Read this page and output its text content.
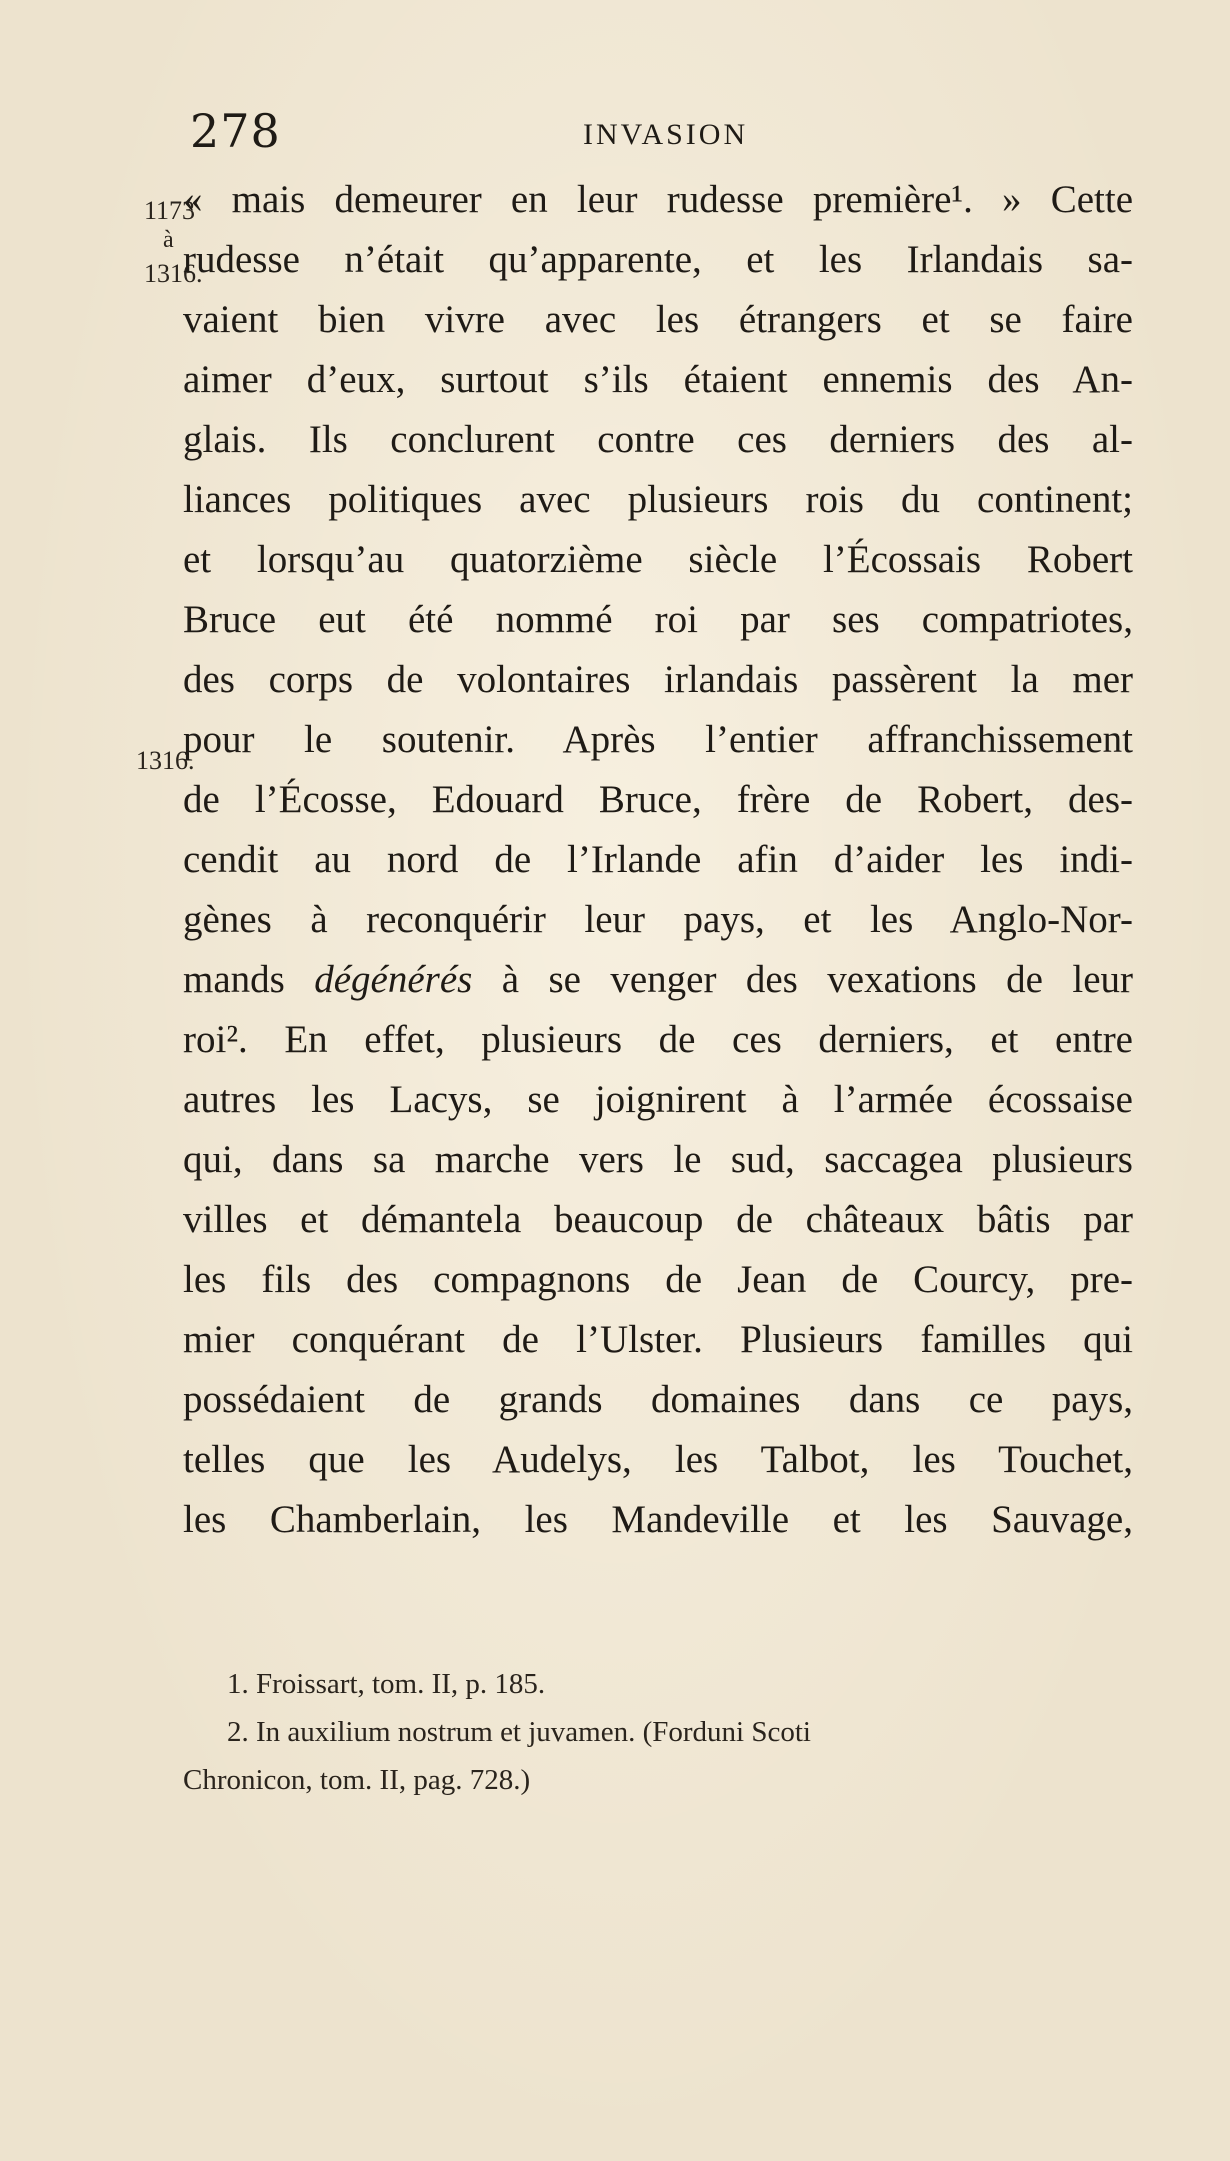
278	INVASION
1173
à
1316.
1316.
« mais demeurer en leur rudesse première¹. » Cette
rudesse n’était qu’apparente, et les Irlandais sa-
vaient bien vivre avec les étrangers et se faire
aimer d’eux, surtout s’ils étaient ennemis des An-
glais. Ils conclurent contre ces derniers des al-
liances politiques avec plusieurs rois du continent;
et lorsqu’au quatorzième siècle l’Écossais Robert
Bruce eut été nommé roi par ses compatriotes,
des corps de volontaires irlandais passèrent la mer
pour le soutenir. Après l’entier affranchissement
de l’Écosse, Edouard Bruce, frère de Robert, des-
cendit au nord de l’Irlande afin d’aider les indi-
gènes à reconquérir leur pays, et les Anglo-Nor-
mands dégénérés à se venger des vexations de leur
roi². En effet, plusieurs de ces derniers, et entre
autres les Lacys, se joignirent à l’armée écossaise
qui, dans sa marche vers le sud, saccagea plusieurs
villes et démantela beaucoup de châteaux bâtis par
les fils des compagnons de Jean de Courcy, pre-
mier conquérant de l’Ulster. Plusieurs familles qui
possédaient de grands domaines dans ce pays,
telles que les Audelys, les Talbot, les Touchet,
les Chamberlain, les Mandeville et les Sauvage,
1. Froissart, tom. II, p. 185.
2. In auxilium nostrum et juvamen. (Forduni Scoti
Chronicon, tom. II, pag. 728.)
